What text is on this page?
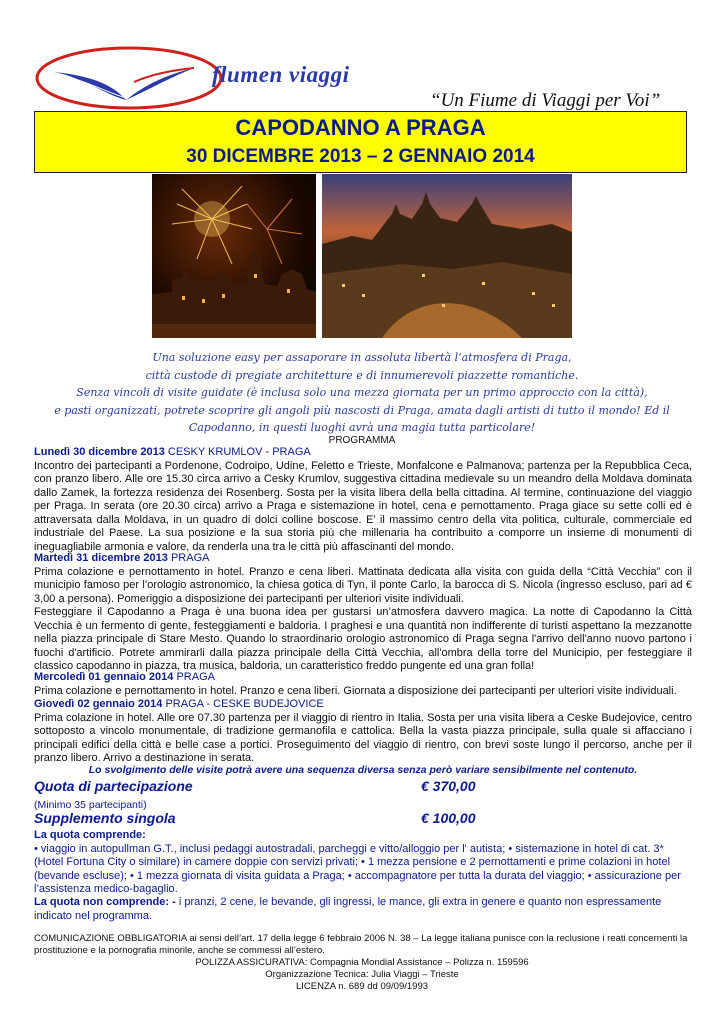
flumen viaggi
“Un Fiume di Viaggi per Voi”
CAPODANNO A PRAGA
30 DICEMBRE 2013 – 2 GENNAIO 2014
Una soluzione easy per assaporare in assoluta libertà l’atmosfera di Praga,
città custode di pregiate architetture e di innumerevoli piazzette romantiche.
Senza vincoli di visite guidate (è inclusa solo una mezza giornata per un primo approccio con la città),
e pasti organizzati, potrete scoprire gli angoli più nascosti di Praga, amata dagli artisti di tutto il mondo! Ed il
Capodanno, in questi luoghi avrà una magia tutta particolare!
PROGRAMMA
Lunedì 30 dicembre 2013 CESKY KRUMLOV - PRAGA
Incontro dei partecipanti a Pordenone, Codroipo, Udine, Feletto e Trieste, Monfalcone e Palmanova; partenza per la Repubblica Ceca, con pranzo libero. Alle ore 15.30 circa arrivo a Cesky Krumlov, suggestiva cittadina medievale su un meandro della Moldava dominata dallo Zamek, la fortezza residenza dei Rosenberg. Sosta per la visita libera della bella cittadina. Al termine, continuazione del viaggio per Praga. In serata (ore 20.30 circa) arrivo a Praga e sistemazione in hotel, cena e pernottamento. Praga giace su sette colli ed è attraversata dalla Moldava, in un quadro di dolci colline boscose. E’ il massimo centro della vita politica, culturale, commerciale ed industriale del Paese. La sua posizione e la sua storia più che millenaria ha contribuito a comporre un insieme di monumenti di ineguagliabile armonia e valore, da renderla una tra le città più affascinanti del mondo.
Martedì 31 dicembre 2013 PRAGA
Prima colazione e pernottamento in hotel. Pranzo e cena liberi. Mattinata dedicata alla visita con guida della “Città Vecchia” con il municipio famoso per l’orologio astronomico, la chiesa gotica di Tyn, il ponte Carlo, la barocca di S. Nicola (ingresso escluso, pari ad € 3,00 a persona). Pomeriggio a disposizione dei partecipanti per ulteriori visite individuali.
Festeggiare il Capodanno a Praga è una buona idea per gustarsi un’atmosfera davvero magica. La notte di Capodanno la Città Vecchia è un fermento di gente, festeggiamenti e baldoria. I praghesi e una quantità non indifferente di turisti aspettano la mezzanotte nella piazza principale di Stare Mesto. Quando lo straordinario orologio astronomico di Praga segna l'arrivo dell'anno nuovo partono i fuochi d'artificio. Potrete ammirarli dalla piazza principale della Città Vecchia, all'ombra della torre del Municipio, per festeggiare il classico capodanno in piazza, tra musica, baldoria, un caratteristico freddo pungente ed una gran folla!
Mercoledì 01 gennaio 2014 PRAGA
Prima colazione e pernottamento in hotel. Pranzo e cena liberi. Giornata a disposizione dei partecipanti per ulteriori visite individuali.
Giovedì 02 gennaio 2014 PRAGA - CESKE BUDEJOVICE
Prima colazione in hotel. Alle ore 07.30 partenza per il viaggio di rientro in Italia. Sosta per una visita libera a Ceske Budejovice, centro sottoposto a vincolo monumentale, di tradizione germanofila e cattolica. Bella la vasta piazza principale, sulla quale si affacciano i principali edifici della città e belle case a portici. Proseguimento del viaggio di rientro, con brevi soste lungo il percorso, anche per il pranzo libero. Arrivo a destinazione in serata.
Lo svolgimento delle visite potrà avere una sequenza diversa senza però variare sensibilmente nel contenuto.
Quota di partecipazione	€ 370,00
(Minimo 35 partecipanti)
Supplemento singola	€ 100,00
La quota comprende:
• viaggio in autopullman G.T., inclusi pedaggi autostradali, parcheggi e vitto/alloggio per l' autista; • sistemazione in hotel di cat. 3* (Hotel Fortuna City o similare) in camere doppie con servizi privati; • 1 mezza pensione e 2 pernottamenti e prime colazioni in hotel (bevande escluse); • 1 mezza giornata di visita guidata a Praga; • accompagnatore per tutta la durata del viaggio; • assicurazione per l’assistenza medico-bagaglio.
La quota non comprende: - i pranzi, 2 cene, le bevande, gli ingressi, le mance, gli extra in genere e quanto non espressamente indicato nel programma.
COMUNICAZIONE OBBLIGATORIA ai sensi dell’art. 17 della legge 6 febbraio 2006 N. 38 – La legge italiana punisce con la reclusione i reati concernenti la prostituzione e la pornografia minorile, anche se commessi all’estero.
POLIZZA ASSICURATIVA: Compagnia Mondial Assistance – Polizza n. 159596
Organizzazione Tecnica: Julia Viaggi – Trieste
LICENZA n. 689 dd 09/09/1993
